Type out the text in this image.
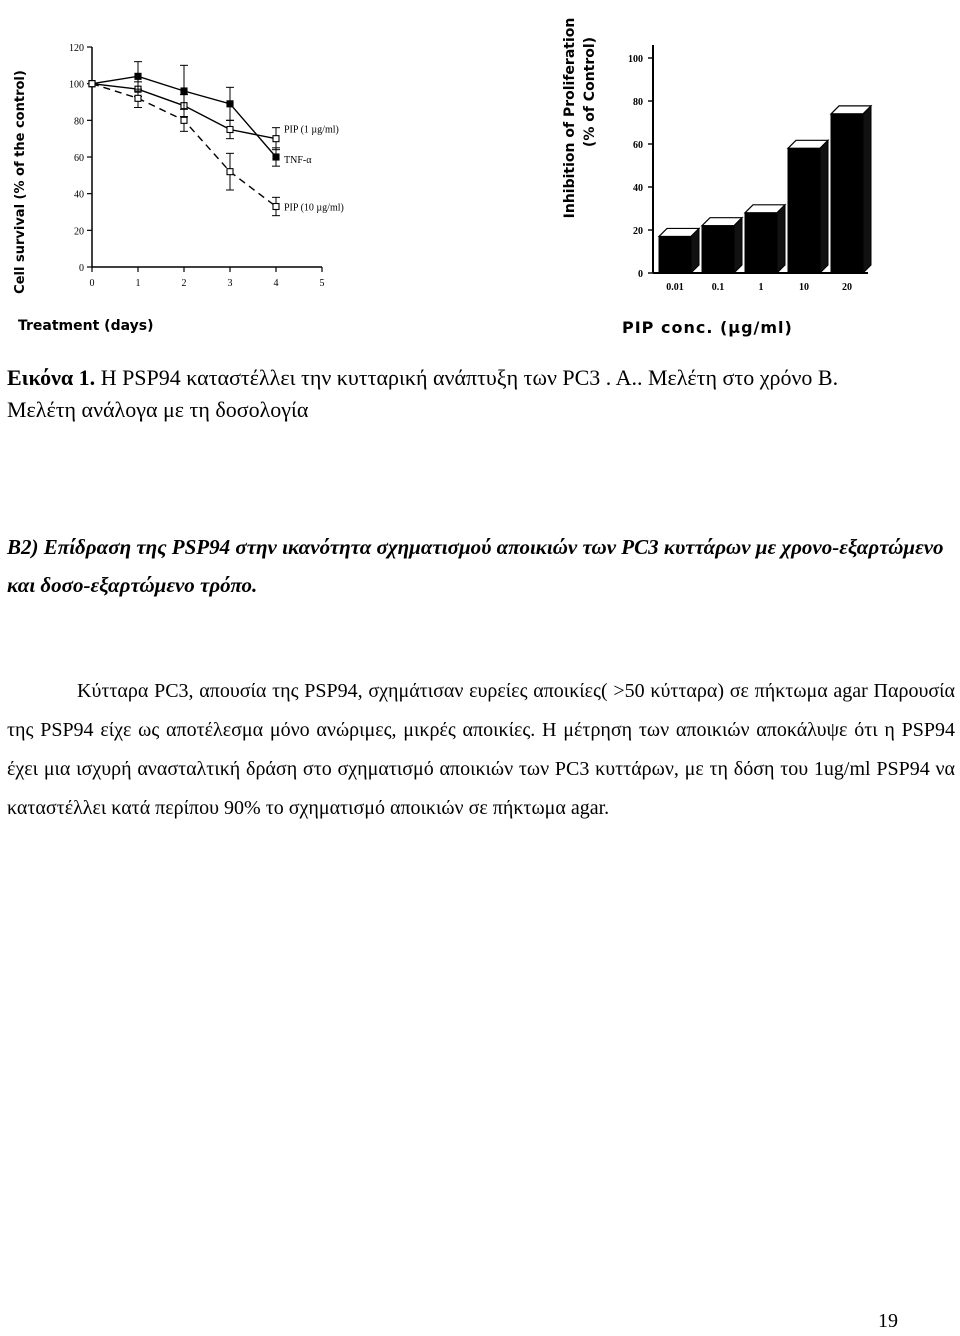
Cell survival (% of the control)	0
20
40
60
80
100
120
0	1	2	3	4	5
PIP (1 µg/ml)
TNF-α
PIP (10 µg/ml)
Treatment (days)
Inhibition of Proliferation (% of Control)
0
20
40
60
80
100
0.01	0.1	1	10	20
PIP conc. (µg/ml)
Εικόνα 1. Η PSP94 καταστέλλει την κυτταρική ανάπτυξη των PC3 . A.. Μελέτη στο χρόνο B. Μελέτη ανάλογα με τη δοσολογία
B2) Επίδραση της PSP94 στην ικανότητα σχηματισμού αποικιών των PC3 κυττάρων με χρονο-εξαρτώμενο και δοσο-εξαρτώμενο τρόπο.
Κύτταρα PC3, απουσία της PSP94, σχημάτισαν ευρείες αποικίες( >50 κύτταρα) σε πήκτωμα agar Παρουσία της PSP94 είχε ως αποτέλεσμα μόνο ανώριμες, μικρές αποικίες. Η μέτρηση των αποικιών αποκάλυψε ότι η PSP94 έχει μια ισχυρή ανασταλτική δράση στο σχηματισμό αποικιών των PC3 κυττάρων, με τη δόση του 1ug/ml PSP94 να καταστέλλει κατά περίπου 90% το σχηματισμό αποικιών σε πήκτωμα agar.
19
